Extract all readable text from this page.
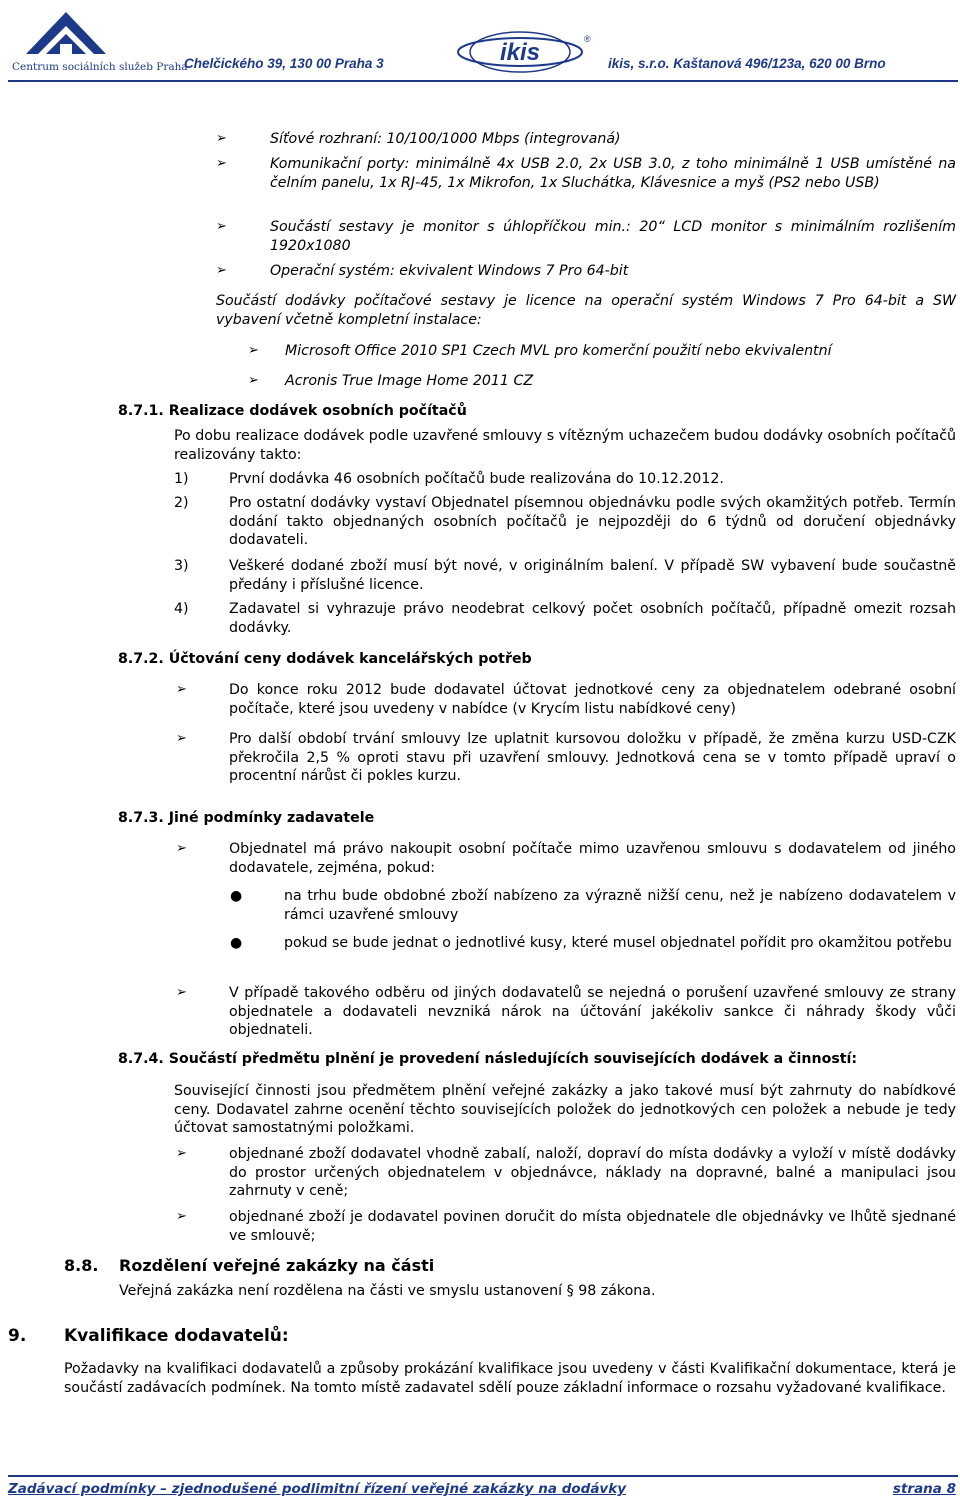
Centrum sociálních služeb Praha
Chelčického 39, 130 00 Praha 3	ikis	®
ikis, s.r.o. Kaštanová 496/123a, 620 00 Brno
➢	Síťové rozhraní: 10/100/1000 Mbps (integrovaná)
➢	Komunikační porty: minimálně 4x USB 2.0, 2x USB 3.0, z toho minimálně 1 USB umístěné na čelním panelu, 1x RJ-45, 1x Mikrofon, 1x Sluchátka, Klávesnice a myš (PS2 nebo USB)
➢	Součástí sestavy je monitor s úhlopříčkou min.: 20“ LCD monitor s minimálním rozlišením 1920x1080
➢	Operační systém: ekvivalent Windows 7 Pro 64-bit
Součástí dodávky počítačové sestavy je licence na operační systém Windows 7 Pro 64-bit a SW vybavení včetně kompletní instalace:
➢ Microsoft Office 2010 SP1 Czech MVL pro komerční použití nebo ekvivalentní
➢ Acronis True Image Home 2011 CZ
8.7.1. Realizace dodávek osobních počítačů
Po dobu realizace dodávek podle uzavřené smlouvy s vítězným uchazečem budou dodávky osobních počítačů realizovány takto:
1)	První dodávka 46 osobních počítačů bude realizována do 10.12.2012.
2)	Pro ostatní dodávky vystaví Objednatel písemnou objednávku podle svých okamžitých potřeb. Termín dodání takto objednaných osobních počítačů je nejpozději do 6 týdnů od doručení objednávky dodavateli.
3)	Veškeré dodané zboží musí být nové, v originálním balení. V případě SW vybavení bude součastně předány i příslušné licence.
4)	Zadavatel si vyhrazuje právo neodebrat celkový počet osobních počítačů, případně omezit rozsah dodávky.
8.7.2. Účtování ceny dodávek kancelářských potřeb
➢	Do konce roku 2012 bude dodavatel účtovat jednotkové ceny za objednatelem odebrané osobní počítače, které jsou uvedeny v nabídce (v Krycím listu nabídkové ceny)
➢	Pro další období trvání smlouvy lze uplatnit kursovou doložku v případě, že změna kurzu USD-CZK překročila 2,5 % oproti stavu při uzavření smlouvy. Jednotková cena se v tomto případě upraví o procentní nárůst či pokles kurzu.
8.7.3. Jiné podmínky zadavatele
➢	Objednatel má právo nakoupit osobní počítače mimo uzavřenou smlouvu s dodavatelem od jiného dodavatele, zejména, pokud:
●	na trhu bude obdobné zboží nabízeno za výrazně nižší cenu, než je nabízeno dodavatelem v rámci uzavřené smlouvy
●	pokud se bude jednat o jednotlivé kusy, které musel objednatel pořídit pro okamžitou potřebu
➢	V případě takového odběru od jiných dodavatelů se nejedná o porušení uzavřené smlouvy ze strany objednatele a dodavateli nevzniká nárok na účtování jakékoliv sankce či náhrady škody vůči objednateli.
8.7.4. Součástí předmětu plnění je provedení následujících souvisejících dodávek a činností:
Související činnosti jsou předmětem plnění veřejné zakázky a jako takové musí být zahrnuty do nabídkové ceny. Dodavatel zahrne ocenění těchto souvisejících položek do jednotkových cen položek a nebude je tedy účtovat samostatnými položkami.
➢	objednané zboží dodavatel vhodně zabalí, naloží, dopraví do místa dodávky a vyloží v místě dodávky do prostor určených objednatelem v objednávce, náklady na dopravné, balné a manipulaci jsou zahrnuty v ceně;
➢	objednané zboží je dodavatel povinen doručit do místa objednatele dle objednávky ve lhůtě sjednané ve smlouvě;
8.8. Rozdělení veřejné zakázky na části
Veřejná zakázka není rozdělena na části ve smyslu ustanovení § 98 zákona.
9. Kvalifikace dodavatelů:
Požadavky na kvalifikaci dodavatelů a způsoby prokázání kvalifikace jsou uvedeny v části Kvalifikační dokumentace, která je součástí zadávacích podmínek. Na tomto místě zadavatel sdělí pouze základní informace o rozsahu vyžadované kvalifikace.
Zadávací podmínky – zjednodušené podlimitní řízení veřejné zakázky na dodávky	strana 8
